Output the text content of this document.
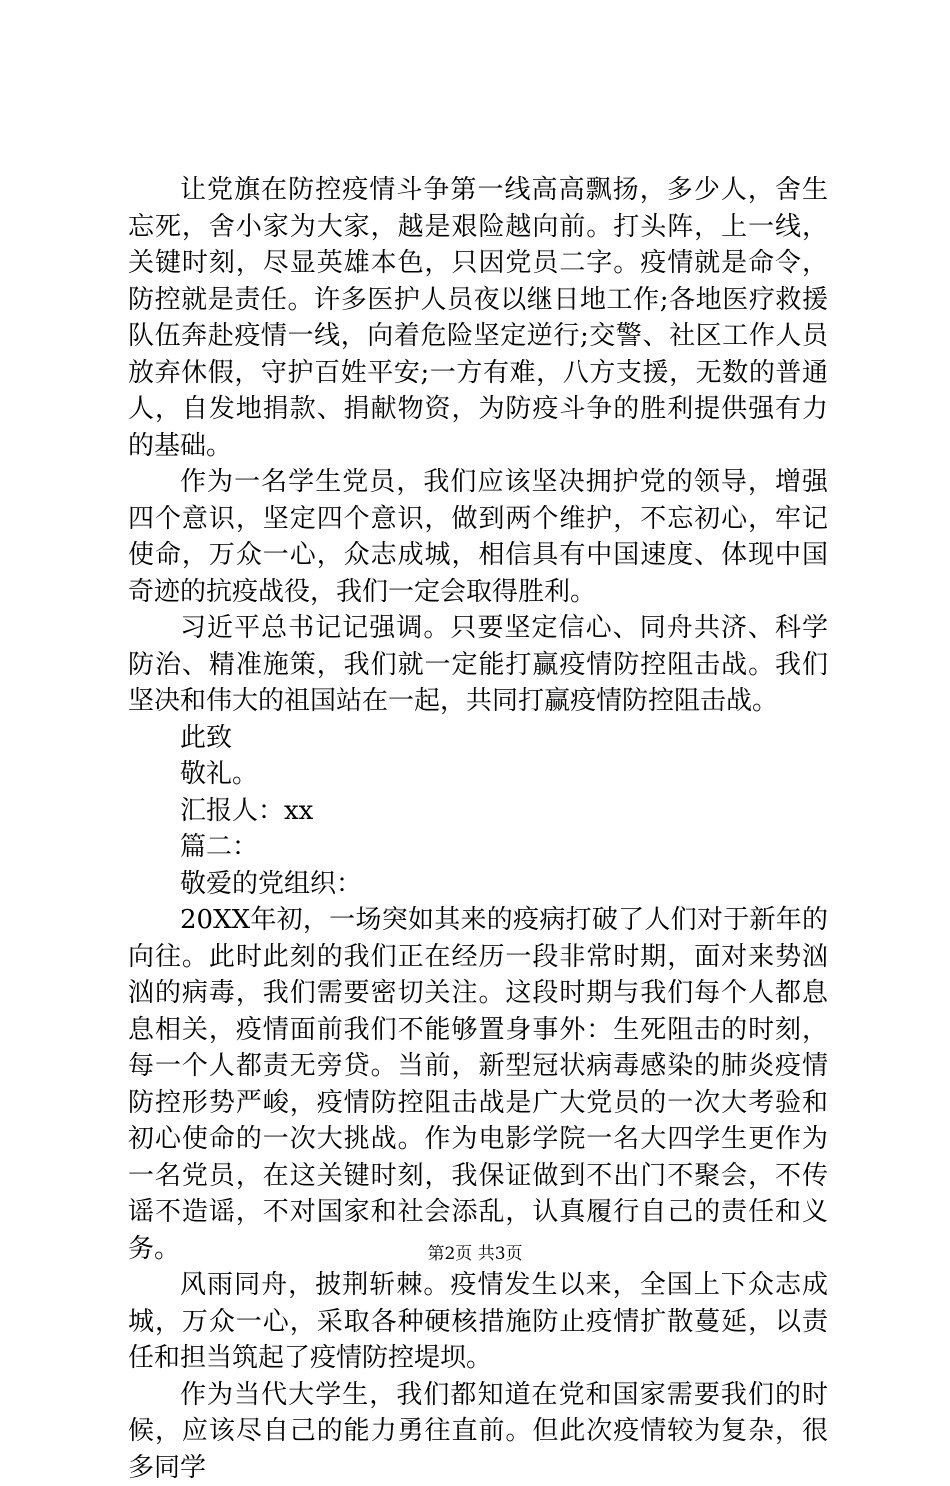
让党旗在防控疫情斗争第一线高高飘扬，多少人，舍生忘死，舍小家为大家，越是艰险越向前。打头阵，上一线，关键时刻，尽显英雄本色，只因党员二字。疫情就是命令，防控就是责任。许多医护人员夜以继日地工作;各地医疗救援队伍奔赴疫情一线，向着危险坚定逆行;交警、社区工作人员放弃休假，守护百姓平安;一方有难，八方支援，无数的普通人，自发地捐款、捐献物资，为防疫斗争的胜利提供强有力的基础。

作为一名学生党员，我们应该坚决拥护党的领导，增强四个意识，坚定四个意识，做到两个维护，不忘初心，牢记使命，万众一心，众志成城，相信具有中国速度、体现中国奇迹的抗疫战役，我们一定会取得胜利。

习近平总书记记强调。只要坚定信心、同舟共济、科学防治、精准施策，我们就一定能打赢疫情防控阻击战。我们坚决和伟大的祖国站在一起，共同打赢疫情防控阻击战。

此致

敬礼。

汇报人：xx

篇二：

敬爱的党组织：

20XX年初，一场突如其来的疫病打破了人们对于新年的向往。此时此刻的我们正在经历一段非常时期，面对来势汹汹的病毒，我们需要密切关注。这段时期与我们每个人都息息相关，疫情面前我们不能够置身事外：生死阻击的时刻，每一个人都责无旁贷。当前，新型冠状病毒感染的肺炎疫情防控形势严峻，疫情防控阻击战是广大党员的一次大考验和初心使命的一次大挑战。作为电影学院一名大四学生更作为一名党员，在这关键时刻，我保证做到不出门不聚会，不传谣不造谣，不对国家和社会添乱，认真履行自己的责任和义务。

风雨同舟，披荆斩棘。疫情发生以来，全国上下众志成城，万众一心，采取各种硬核措施防止疫情扩散蔓延，以责任和担当筑起了疫情防控堤坝。

作为当代大学生，我们都知道在党和国家需要我们的时候，应该尽自己的能力勇往直前。但此次疫情较为复杂，很多同学

第2页 共3页
